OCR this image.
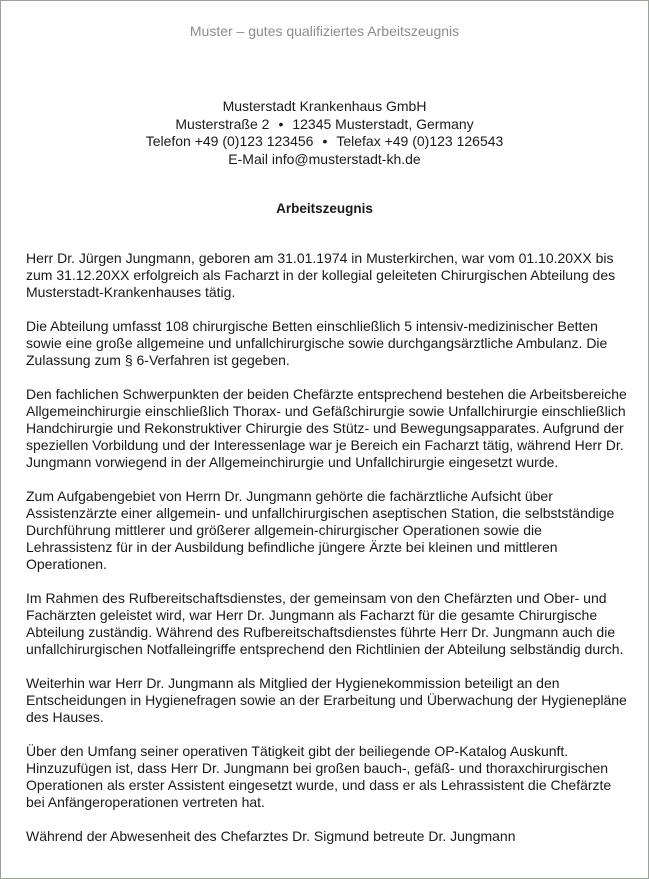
Muster – gutes qualifiziertes Arbeitszeugnis
Musterstadt Krankenhaus GmbH
Musterstraße 2 • 12345 Musterstadt, Germany
Telefon +49 (0)123 123456 • Telefax +49 (0)123 126543
E-Mail info@musterstadt-kh.de
Arbeitszeugnis

Herr Dr. Jürgen Jungmann, geboren am 31.01.1974 in Musterkirchen, war vom 01.10.20XX bis zum 31.12.20XX erfolgreich als Facharzt in der kollegial geleiteten Chirurgischen Abteilung des Musterstadt-Krankenhauses tätig.

Die Abteilung umfasst 108 chirurgische Betten einschließlich 5 intensiv-medizinischer Betten sowie eine große allgemeine und unfallchirurgische sowie durchgangsärztliche Ambulanz. Die Zulassung zum § 6-Verfahren ist gegeben.

Den fachlichen Schwerpunkten der beiden Chefärzte entsprechend bestehen die Arbeitsbereiche Allgemeinchirurgie einschließlich Thorax- und Gefäßchirurgie sowie Unfallchirurgie einschließlich Handchirurgie und Rekonstruktiver Chirurgie des Stütz- und Bewegungsapparates. Aufgrund der speziellen Vorbildung und der Interessenlage war je Bereich ein Facharzt tätig, während Herr Dr. Jungmann vorwiegend in der Allgemeinchirurgie und Unfallchirurgie eingesetzt wurde.

Zum Aufgabengebiet von Herrn Dr. Jungmann gehörte die fachärztliche Aufsicht über Assistenzärzte einer allgemein- und unfallchirurgischen aseptischen Station, die selbstständige Durchführung mittlerer und größerer allgemein-chirurgischer Operationen sowie die Lehrassistenz für in der Ausbildung befindliche jüngere Ärzte bei kleinen und mittleren Operationen.

Im Rahmen des Rufbereitschaftsdienstes, der gemeinsam von den Chefärzten und Ober- und Fachärzten geleistet wird, war Herr Dr. Jungmann als Facharzt für die gesamte Chirurgische Abteilung zuständig. Während des Rufbereitschaftsdienstes führte Herr Dr. Jungmann auch die unfallchirurgischen Notfalleingriffe entsprechend den Richtlinien der Abteilung selbständig durch.

Weiterhin war Herr Dr. Jungmann als Mitglied der Hygienekommission beteiligt an den Entscheidungen in Hygienefragen sowie an der Erarbeitung und Überwachung der Hygienepläne des Hauses.

Über den Umfang seiner operativen Tätigkeit gibt der beiliegende OP-Katalog Auskunft. Hinzuzufügen ist, dass Herr Dr. Jungmann bei großen bauch-, gefäß- und thoraxchirurgischen Operationen als erster Assistent eingesetzt wurde, und dass er als Lehrassistent die Chefärzte bei Anfängeroperationen vertreten hat.

Während der Abwesenheit des Chefarztes Dr. Sigmund betreute Dr. Jungmann
